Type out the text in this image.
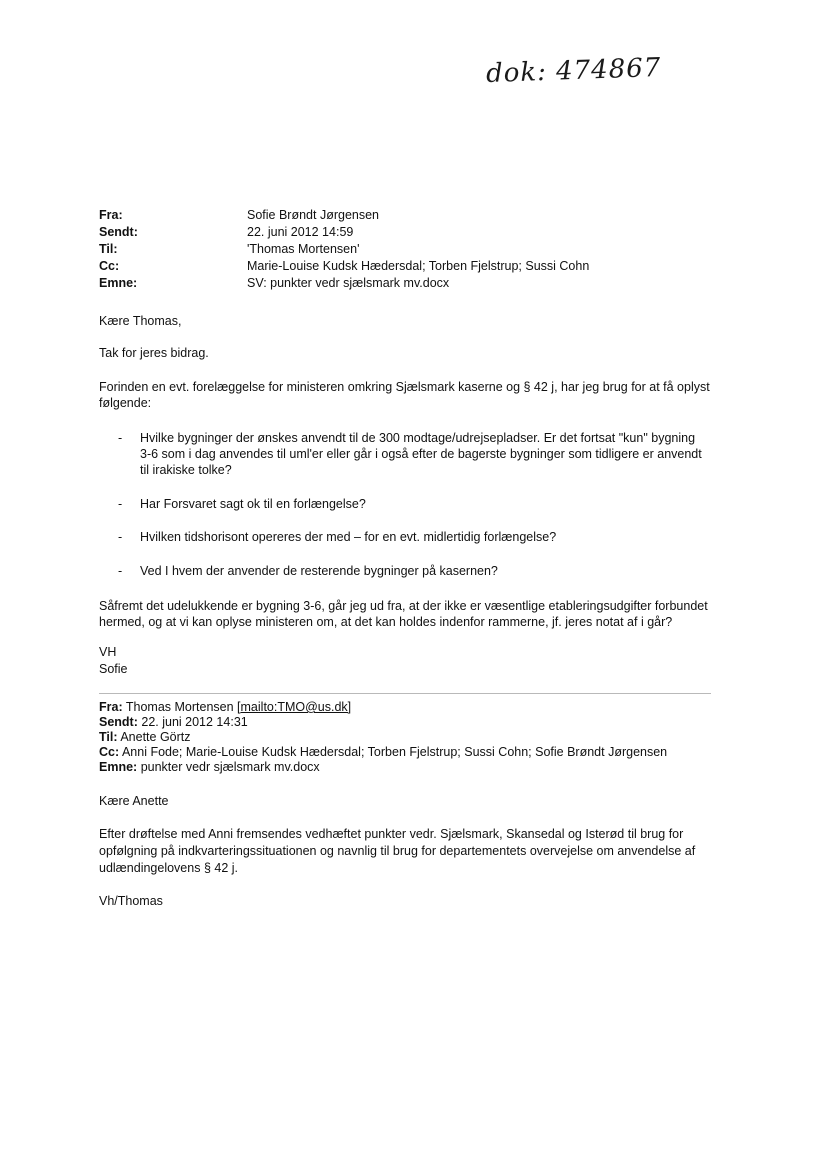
dok: 474867
Fra:	Sofie Brøndt Jørgensen
Sendt:	22. juni 2012 14:59
Til:	'Thomas Mortensen'
Cc:	Marie-Louise Kudsk Hædersdal; Torben Fjelstrup; Sussi Cohn
Emne:	SV: punkter vedr sjælsmark mv.docx
Kære Thomas,
Tak for jeres bidrag.
Forinden en evt. forelæggelse for ministeren omkring Sjælsmark kaserne og § 42 j, har jeg brug for at få oplyst
følgende:
- Hvilke bygninger der ønskes anvendt til de 300 modtage/udrejsepladser. Er det fortsat "kun" bygning
3-6 som i dag anvendes til uml'er eller går i også efter de bagerste bygninger som tidligere er anvendt
til irakiske tolke?
- Har Forsvaret sagt ok til en forlængelse?
- Hvilken tidshorisont opereres der med – for en evt. midlertidig forlængelse?
- Ved I hvem der anvender de resterende bygninger på kasernen?
Såfremt det udelukkende er bygning 3-6, går jeg ud fra, at der ikke er væsentlige etableringsudgifter forbundet
hermed, og at vi kan oplyse ministeren om, at det kan holdes indenfor rammerne, jf. jeres notat af i går?
VH
Sofie
Fra: Thomas Mortensen [mailto:TMO@us.dk]
Sendt: 22. juni 2012 14:31
Til: Anette Görtz
Cc: Anni Fode; Marie-Louise Kudsk Hædersdal; Torben Fjelstrup; Sussi Cohn; Sofie Brøndt Jørgensen
Emne: punkter vedr sjælsmark mv.docx
Kære Anette
Efter drøftelse med Anni fremsendes vedhæftet punkter vedr. Sjælsmark, Skansedal og Isterød til brug for
opfølgning på indkvarteringssituationen og navnlig til brug for departementets overvejelse om anvendelse af
udlændingelovens § 42 j.
Vh/Thomas
